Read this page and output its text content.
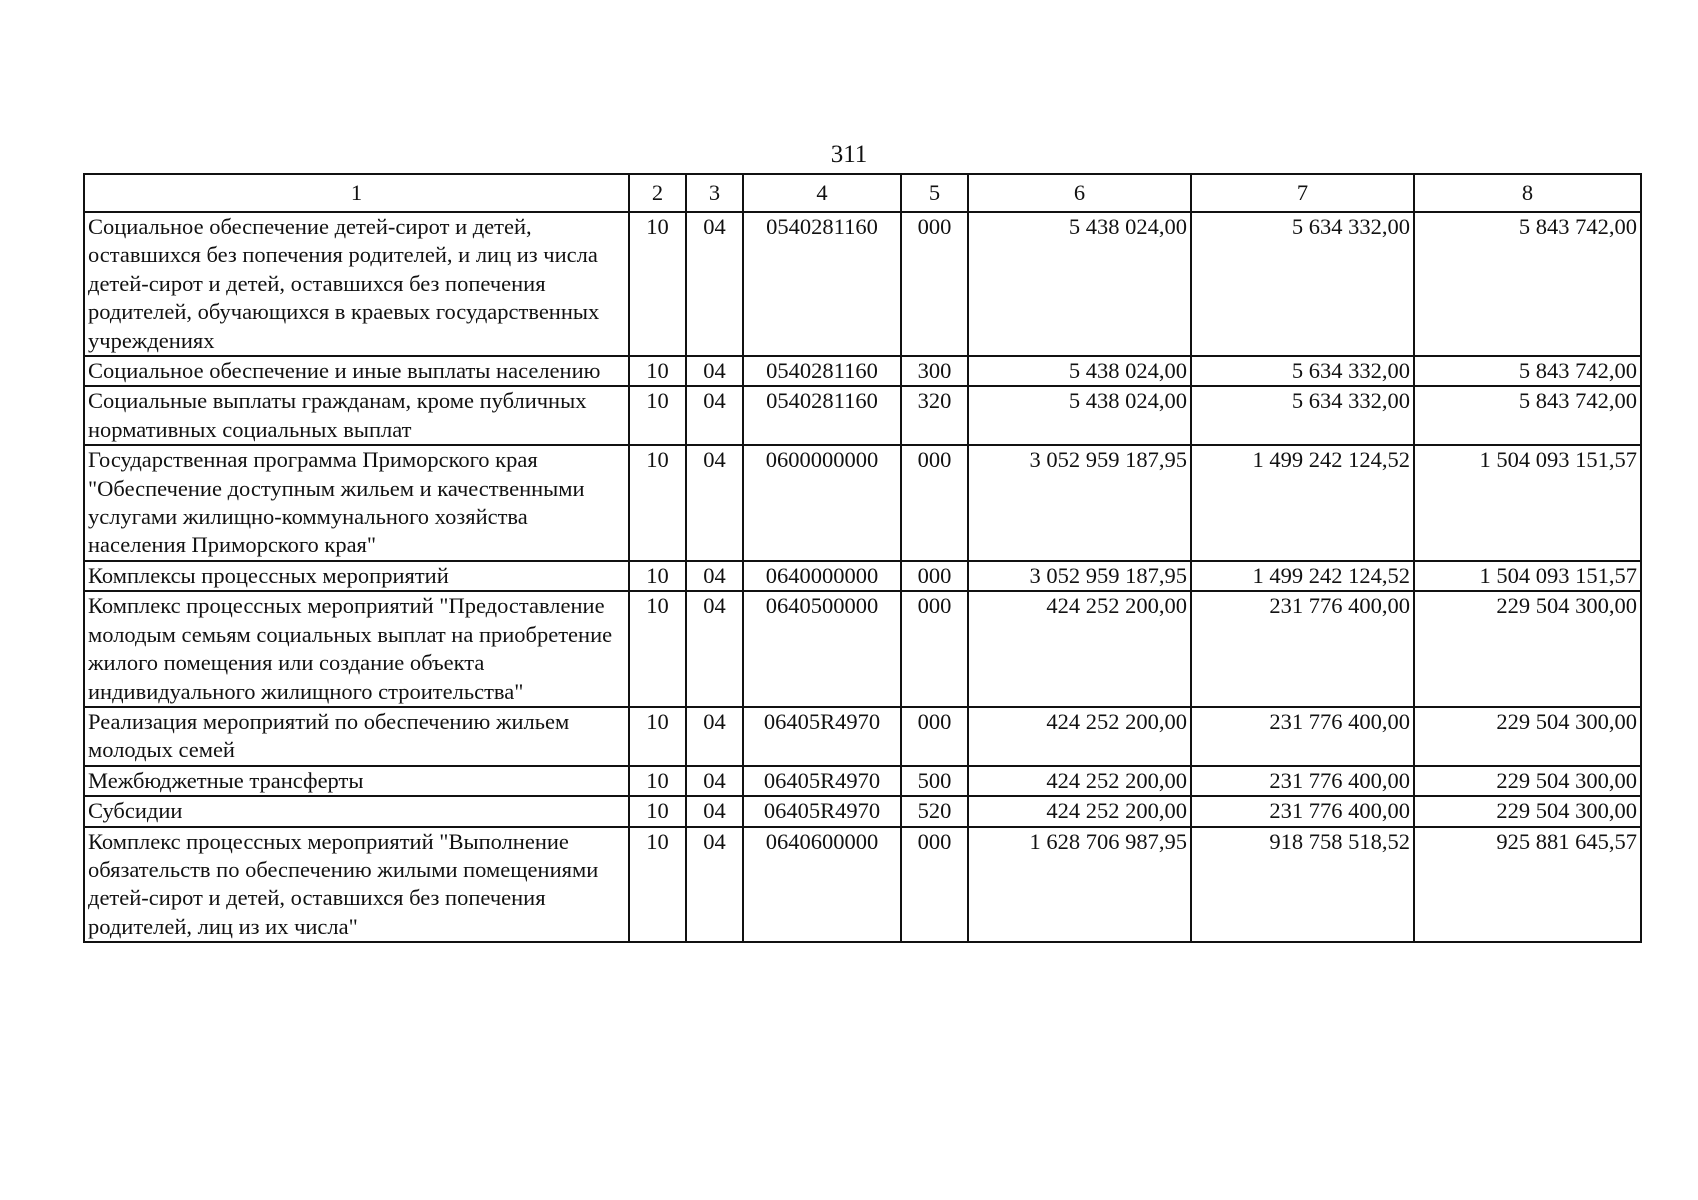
311
1	2	3	4	5	6	7	8
Социальное обеспечение детей-сирот и детей, оставшихся без попечения родителей, и лиц из числа детей-сирот и детей, оставшихся без попечения родителей, обучающихся в краевых государственных учреждениях	10	04	0540281160	000	5 438 024,00	5 634 332,00	5 843 742,00
Социальное обеспечение и иные выплаты населению	10	04	0540281160	300	5 438 024,00	5 634 332,00	5 843 742,00
Социальные выплаты гражданам, кроме публичных нормативных социальных выплат	10	04	0540281160	320	5 438 024,00	5 634 332,00	5 843 742,00
Государственная программа Приморского края "Обеспечение доступным жильем и качественными услугами жилищно-коммунального хозяйства населения Приморского края"	10	04	0600000000	000	3 052 959 187,95	1 499 242 124,52	1 504 093 151,57
Комплексы процессных мероприятий	10	04	0640000000	000	3 052 959 187,95	1 499 242 124,52	1 504 093 151,57
Комплекс процессных мероприятий "Предоставление молодым семьям социальных выплат на приобретение жилого помещения или создание объекта индивидуального жилищного строительства"	10	04	0640500000	000	424 252 200,00	231 776 400,00	229 504 300,00
Реализация мероприятий по обеспечению жильем молодых семей	10	04	06405R4970	000	424 252 200,00	231 776 400,00	229 504 300,00
Межбюджетные трансферты	10	04	06405R4970	500	424 252 200,00	231 776 400,00	229 504 300,00
Субсидии	10	04	06405R4970	520	424 252 200,00	231 776 400,00	229 504 300,00
Комплекс процессных мероприятий "Выполнение обязательств по обеспечению жилыми помещениями детей-сирот и детей, оставшихся без попечения родителей, лиц из их числа"	10	04	0640600000	000	1 628 706 987,95	918 758 518,52	925 881 645,57
